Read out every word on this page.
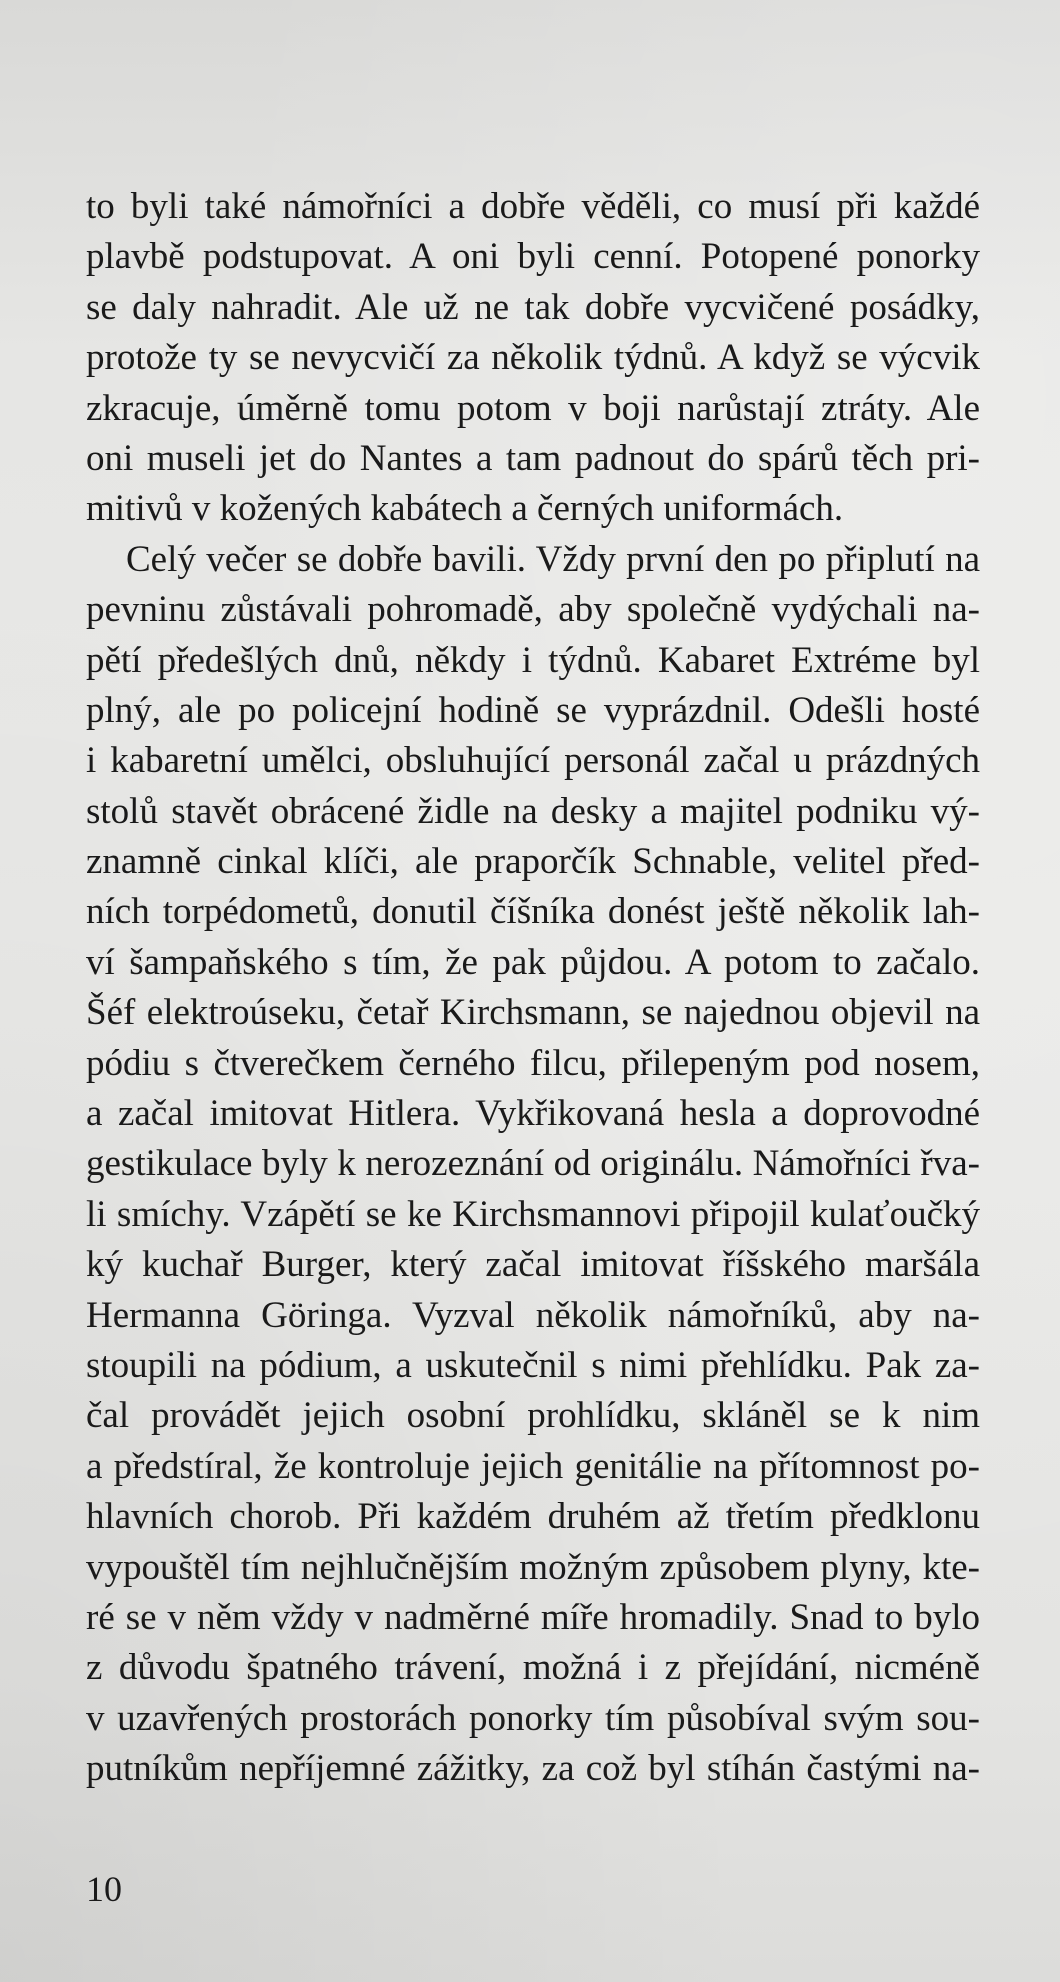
to byli také námořníci a dobře věděli, co musí při každé
plavbě podstupovat. A oni byli cenní. Potopené ponorky
se daly nahradit. Ale už ne tak dobře vycvičené posádky,
protože ty se nevycvičí za několik týdnů. A když se výcvik
zkracuje, úměrně tomu potom v boji narůstají ztráty. Ale
oni museli jet do Nantes a tam padnout do spárů těch pri-
mitivů v kožených kabátech a černých uniformách.
Celý večer se dobře bavili. Vždy první den po připlutí na
pevninu zůstávali pohromadě, aby společně vydýchali na-
pětí předešlých dnů, někdy i týdnů. Kabaret Extréme byl
plný, ale po policejní hodině se vyprázdnil. Odešli hosté
i kabaretní umělci, obsluhující personál začal u prázdných
stolů stavět obrácené židle na desky a majitel podniku vý-
znamně cinkal klíči, ale praporčík Schnable, velitel před-
ních torpédometů, donutil číšníka donést ještě několik lah-
ví šampaňského s tím, že pak půjdou. A potom to začalo.
Šéf elektroúseku, četař Kirchsmann, se najednou objevil na
pódiu s čtverečkem černého filcu, přilepeným pod nosem,
a začal imitovat Hitlera. Vykřikovaná hesla a doprovodné
gestikulace byly k nerozeznání od originálu. Námořníci řva-
li smíchy. Vzápětí se ke Kirchsmannovi připojil kulaťoučký
ký kuchař Burger, který začal imitovat říšského maršála
Hermanna Göringa. Vyzval několik námořníků, aby na-
stoupili na pódium, a uskutečnil s nimi přehlídku. Pak za-
čal provádět jejich osobní prohlídku, skláněl se k nim
a předstíral, že kontroluje jejich genitálie na přítomnost po-
hlavních chorob. Při každém druhém až třetím předklonu
vypouštěl tím nejhlučnějším možným způsobem plyny, kte-
ré se v něm vždy v nadměrné míře hromadily. Snad to bylo
z důvodu špatného trávení, možná i z přejídání, nicméně
v uzavřených prostorách ponorky tím působíval svým sou-
putníkům nepříjemné zážitky, za což byl stíhán častými na-
10
